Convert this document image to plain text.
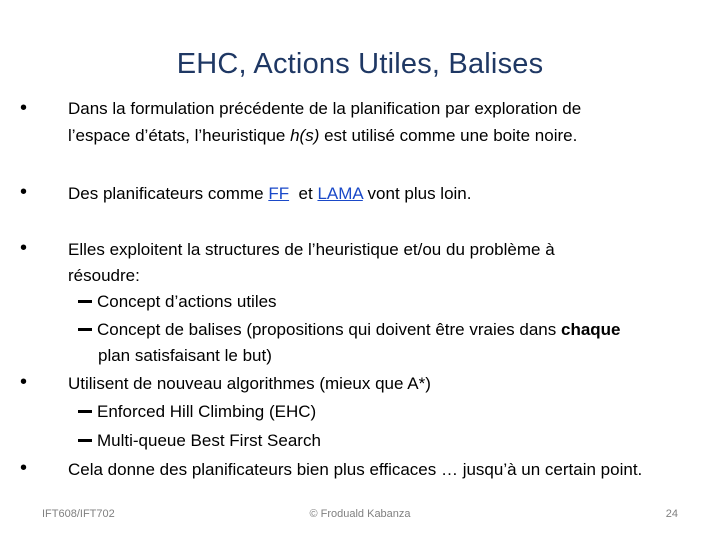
EHC, Actions Utiles, Balises
• Dans la formulation précédente de la planification par exploration de
l’espace d’états, l’heuristique h(s) est utilisé comme une boite noire.
• Des planificateurs comme FF  et LAMA vont plus loin.
• Elles exploitent la structures de l’heuristique et/ou du problème à
résoudre:
Concept d’actions utiles
Concept de balises (propositions qui doivent être vraies dans chaque
plan satisfaisant le but)
• Utilisent de nouveau algorithmes (mieux que A*)
Enforced Hill Climbing (EHC)
Multi-queue Best First Search
• Cela donne des planificateurs bien plus efficaces … jusqu’à un certain point.
IFT608/IFT702	© Froduald Kabanza	24
